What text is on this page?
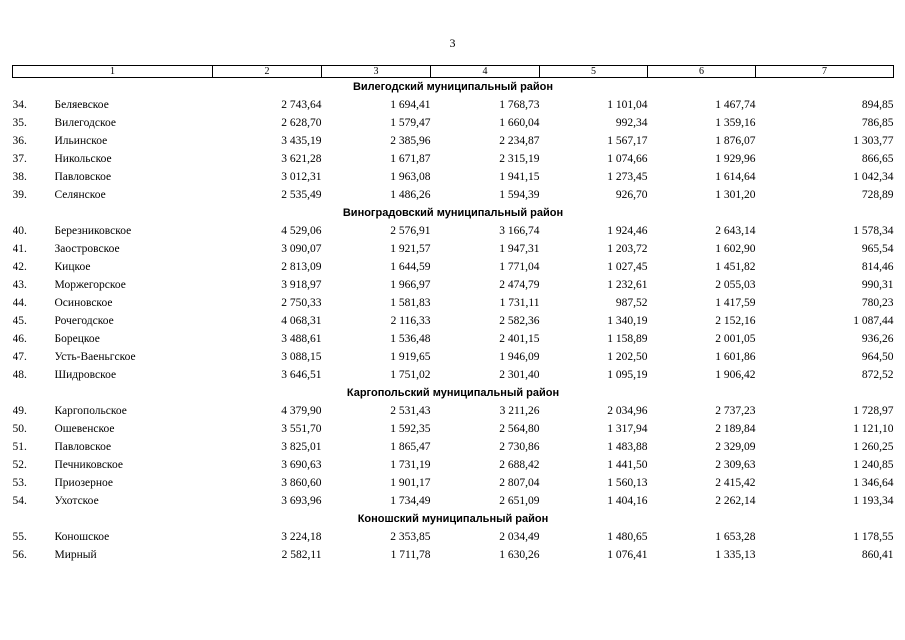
3
1		2	3	4	5	6	7
Вилегодский муниципальный район							
34.	Беляевское	2 743,64	1 694,41	1 768,73	1 101,04	1 467,74	894,85
35.	Вилегодское	2 628,70	1 579,47	1 660,04	992,34	1 359,16	786,85
36.	Ильинское	3 435,19	2 385,96	2 234,87	1 567,17	1 876,07	1 303,77
37.	Никольское	3 621,28	1 671,87	2 315,19	1 074,66	1 929,96	866,65
38.	Павловское	3 012,31	1 963,08	1 941,15	1 273,45	1 614,64	1 042,34
39.	Селянское	2 535,49	1 486,26	1 594,39	926,70	1 301,20	728,89
Виноградовский муниципальный район							
40.	Березниковское	4 529,06	2 576,91	3 166,74	1 924,46	2 643,14	1 578,34
41.	Заостровское	3 090,07	1 921,57	1 947,31	1 203,72	1 602,90	965,54
42.	Кицкое	2 813,09	1 644,59	1 771,04	1 027,45	1 451,82	814,46
43.	Моржегорское	3 918,97	1 966,97	2 474,79	1 232,61	2 055,03	990,31
44.	Осиновское	2 750,33	1 581,83	1 731,11	987,52	1 417,59	780,23
45.	Рочегодское	4 068,31	2 116,33	2 582,36	1 340,19	2 152,16	1 087,44
46.	Борецкое	3 488,61	1 536,48	2 401,15	1 158,89	2 001,05	936,26
47.	Усть-Ваеньгское	3 088,15	1 919,65	1 946,09	1 202,50	1 601,86	964,50
48.	Шидровское	3 646,51	1 751,02	2 301,40	1 095,19	1 906,42	872,52
Каргопольский муниципальный район							
49.	Каргопольское	4 379,90	2 531,43	3 211,26	2 034,96	2 737,23	1 728,97
50.	Ошевенское	3 551,70	1 592,35	2 564,80	1 317,94	2 189,84	1 121,10
51.	Павловское	3 825,01	1 865,47	2 730,86	1 483,88	2 329,09	1 260,25
52.	Печниковское	3 690,63	1 731,19	2 688,42	1 441,50	2 309,63	1 240,85
53.	Приозерное	3 860,60	1 901,17	2 807,04	1 560,13	2 415,42	1 346,64
54.	Ухотское	3 693,96	1 734,49	2 651,09	1 404,16	2 262,14	1 193,34
Коношский муниципальный район							
55.	Коношское	3 224,18	2 353,85	2 034,49	1 480,65	1 653,28	1 178,55
56.	Мирный	2 582,11	1 711,78	1 630,26	1 076,41	1 335,13	860,41
